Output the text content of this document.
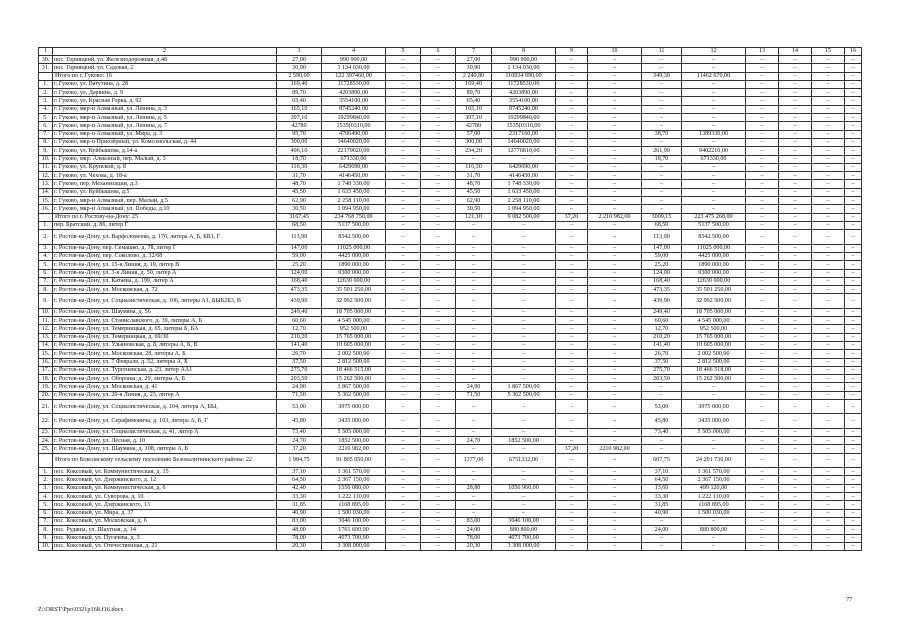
1	2	3	4	5	6	7	8	9	10	11	12	13	14	15	16
30.	пос. Горняцкий, ул. Железнодорожная, д.48	27,00	990 900,00	–	–	27,00	990 900,00	–	–	–	–	–	–	–	–
31.	пос. Горняцкий, ул. Садовая, 2	30,90	1 134 030,00	–	–	30,90	1 134 030,00	–	–	–	–	–	–	–	–
	Итого по г. Гуково: 16	2 590,00	122 397460,00	–	–	2 240,80	110934 990,00	–	–	349,30	11462 670,00	–	–	–	–
1.	г. Гуково, ул. Ватутина, д. 28	169,40	11728530,00	–	–	169,40	11728530,00	–	–	–	–	–	–	–	–
2.	г. Гуково, ул. Дарвина, д. 9	89,70	4203890,00	–	–	89,70	4203890,00	–	–	–	–	–	–	–	–
3.	г. Гуково, ул. Красная Горка, д. 92	65,40	3554100,00	–	–	65,40	3554100,00	–	–	–	–	–	–	–	–
4.	г. Гуково, мкр-н Алмазный, ул. Ленина, д. 3	165,10	8745240,00	–	–	165,10	8745240,00	–	–	–	–	–	–	–	–
5.	г. Гуково, мкр-н Алмазный, ул. Ленина, д. 5	397,10	19299840,00	–	–	397,10	19299840,00	–	–	–	–	–	–	–	–
6.	г. Гуково, мкр-н Алмазный, ул. Ленина, д. 7	42780	1535(0310,00	–	–	42780	1535(0310,00	–	–	–	–	–	–	–	–
7.	г. Гуково, мкр-н Алмазный, ул. Мира, д. 3	95,70	4706490,00	–	–	57,00	2317160,00	–	–	38,70	1389330,00	–	–	–	–
8.	г. Гуково, мкр-н Приозёрный, ул. Комсомольская, д. 44	300,00	14640020,00	–	–	300,00	14640020,00	–	–	–	–	–	–	–	–
9.	г. Гуково, ул. Куйбышева, д.14-а	496,10	22179020,00	–	–	234,20	12776810,00	–	–	261,90	9402210,00	–	–	–	–
10.	г. Гуково, мкр. Алмазный, пер. Малый, д. 3	18,70	671330,00	–	–	–	–	–	–	18,70	671330,00	–	–	–	–
11.	г. Гуково, ул. Крупской, д. 8	116,30	6429690,00	–	–	116,30	6429690,00	–	–	–	–	–	–	–	–
12.	г. Гуково, ул. Чехова, д. 18-а	31,70	4146450,00	–	–	31,70	4146450,00	–	–	–	–	–	–	–	–
13.	г. Гуково, пер. Механизации, д.3	48,70	1 748 330,00	–	–	48,70	1 748 330,00	–	–	–	–	–	–	–	–
14.	г. Гуково, ул. Куйбышева, д.5	45,50	1 633 450,00	–	–	45,50	1 633 450,00	–	–	–	–	–	–	–	–
15.	г. Гуково, мкр-н Алмазный, пер. Малый, д.5	62,90	2 258 110,00	–	–	62,90	2 258 110,00	–	–	–	–	–	–	–	–
16.	г. Гуково, мкр-н Алмазный, ул. Победы, д.10	30,50	1 094 950,00	–	–	30,50	1 094 950,00	–	–	–	–	–	–	–	–
	Итого по г. Ростову-на-Дону: 25	3167,45	234 768 750,00	–	–	121,10	9 082 500,00	37,20	2 210 982,00	3009,15	223 475 268,00	–	–	–	–
1.	пер. Братский, д. 86, литер Г	68,50	5137 500,00	–	–	–	–	–	–	68,50	5137 500,00	–	–	–	–
2.	г. Ростов-на-Дону, ул. Варфоломеева, д. 176, литера А, Б, БВ1, Г	113,90	8542 500,00	–	–	–	–	–	–	113,90	8542 500,00	–	–	–	–
3.	г. Ростов-на-Дону, пер. Семашко, д. 78, литер Г	147,00	11025 000,00	–	–	–	–	–	–	147,00	11025 000,00	–	–	–	–
4.	г. Ростов-на-Дону, пер. Соколово, д. 32/68	59,00	4425 000,00	–	–	–	–	–	–	59,00	4425 000,00	–	–	–	–
5.	г. Ростов-на-Дону, ул. 15-я Линия, д. 19, литер В	25,20	1890 000,00	–	–	–	–	–	–	25,20	1890 000,00	–	–	–	–
6.	г. Ростов-на-Дону, ул. 3-я Линия, д. 50, литер А	124,00	9300 000,00	–	–	–	–	–	–	124,00	9300 000,00	–	–	–	–
7.	г. Ростов-на-Дону, ул. Катаевa, д. 199, литер А	168,40	12630 000,00	–	–	–	–	–	–	168,40	12630 000,00	–	–	–	–
8.	г. Ростов-на-Дону, ул. Московская, д. 72	473,35	35 501 250,00	–	–	–	–	–	–	473,35	35 501 250,00	–	–	–	–
9.	г. Ростов-на-Дону, ул. Социалистическая, д. 106, литеры А1, БЫБ2Б3, В	439,90	32 992 500,00	–	–	–	–	–	–	439,90	32 992 500,00	–	–	–	–
10.	г. Ростов-на-Дону, ул. Шаумяна, д. 56	249,40	18 705 000,00	–	–	–	–	–	–	249,40	18 705 000,00	–	–	–	–
11.	г. Ростов-на-Дону, ул. Станиславского, д. 39, литеры А, Б	60,60	4 545 000,00	–	–	–	–	–	–	60,60	4 545 000,00	–	–	–	–
12.	г. Ростов-на-Дону, ул. Темерницкая, д. 65, литеры Б, БА	12,70	952 500,00	–	–	–	–	–	–	12,70	952 500,00	–	–	–	–
13.	г. Ростов-на-Дону, ул. Темерницкая, д. 69/30	210,20	15 765 000,00	–	–	–	–	–	–	210,20	15 765 000,00	–	–	–	–
14.	г. Ростов-на-Дону, ул. Ульяновская, д. 8, литеры А, Б, В	141,40	10 605 000,00	–	–	–	–	–	–	141,40	10 605 000,00	–	–	–	–
15.	г. Ростов-на-Дону, ул. Московская, 28, литеры А, Б	26,70	2 002 500,00	–	–	–	–	–	–	26,70	2 002 500,00	–	–	–	–
16.	г. Ростов-на-Дону, ул. 7 Февраля, д. 52, литеры А, Б	37,50	2 812 500,00	–	–	–	–	–	–	37,50	2 812 500,00	–	–	–	–
17.	г. Ростов-на-Дону, ул. Тургеневская, д. 23, литер АА1	275,70	18 466 515,00	–	–	–	–	–	–	275,70	18 466 518,00	–	–	–	–
18.	г. Ростов-на-Дону, ул. Обороны, д. 29, литеры А, Б	203,50	15 262 500,00	–	–	–	–	–	–	203,50	15 262 500,00	–	–	–	–
19.	г. Ростов-на-Дону, ул. Московская, д. 41	24,90	1 867 500,00	–	–	24,90	1 867 500,00	–	–	–	–	–	–	–	–
20.	г. Ростов-на-Дону, ул. 20-я Линия, д. 23, литер А	71,50	5 362 500,00	–	–	71,50	5 362 500,00	–	–	–	–	–	–	–	–
21.	г. Ростов-на-Дону, ул. Социалистическая, д. 104, литера А, БЫ,	53,00	3975 000,00	–	–	–	–	–	–	53,00	3975 000,00	–	–	–	–
22.	г. Ростов-на-Дону, ул. Серафимовича, д. 103, литера А, Б, Г	45,80	3435 000,00	–	–	–	–	–	–	45,80	3435 000,00	–	–	–	–
23.	г. Ростов-на-Дону, ул. Социалистическая, д. 41, литер А	73,40	5 505 000,00	–	–	–	–	–	–	73,40	5 505 000,00	–	–	–	–
24.	г. Ростов-на-Дону, ул. Лесная, д. 10	24,70	1852 500,00	–	–	24,70	1852 500,00	–	–	–	–	–	–	–	–
25.	г. Ростов-на-Дону, ул. Шаумяна, д. 108, литеры А, Б	37,20	2210 982,00	–	–	–	–	37,20	2210 982,00	–	–	–	–	–	–
	Итого по Коксовскому сельскому поселению Белокалитвинского района: 22	1 984,75	91 805 050,00	–	–	1377,00	6751332,00	–	–	607,75	24 291 730,00	–	–	–	–
1.	пос. Коксовый, ул. Коммунистическая, д. 15	37,10	1 361 570,00	–	–	–	–	–	–	37,10	1 361 570,00	–	–	–	–
2.	пос. Коксовый, ул. Дзержинского, д. 12	64,50	2 367 150,00	–	–	–	–	–	–	64,50	2 367 150,00	–	–	–	–
3.	пос. Коксовый, ул. Коммунистическая, д. 6	42,40	1556 080,00	–	–	28,80	1056 960,00	–	–	13,60	499 120,00	–	–	–	–
4.	пос. Коксовый, ул. Суворова, д. 10	33,30	1 222 110,00	–	–	–	–	–	–	33,30	1 222 110,00	–	–	–	–
5.	пос. Коксовый, ул. Дзержинского, 13	31,85	1168 895,00	–	–	–	–	–	–	31,85	1168 895,00	–	–	–	–
6.	пос. Коксовый, ул. Мира, д. 37	40,90	1 500 030,00	–	–	–	–	–	–	40,90	1 500 030,00	–	–	–	–
7.	пос. Коксовый, ул. Московская, д. 6	83,00	3046 100,00	–	–	83,00	3046 100,00	–	–	–	–	–	–	–	–
8.	пос. Рудяны, ул. Шахтная, д. 14	48,00	1761 600,00	–	–	24,00	880 800,00	–	–	24,00	880 800,00	–	–	–	–
9.	пос. Коксовый, ул. Пугачева, д. 3	78,00	4073 700,00	–	–	78,00	4073 700,00	–	–	–	–	–	–	–	–
10.	пос. Коксовый, ул. Отечественная, д. 21	20,30	3 308 000,00	–	–	20,30	3 308 000,00	–	–	–	–	–	–	–	–
Z:\ORST\Ppo\0321p168.f16.docx
77
